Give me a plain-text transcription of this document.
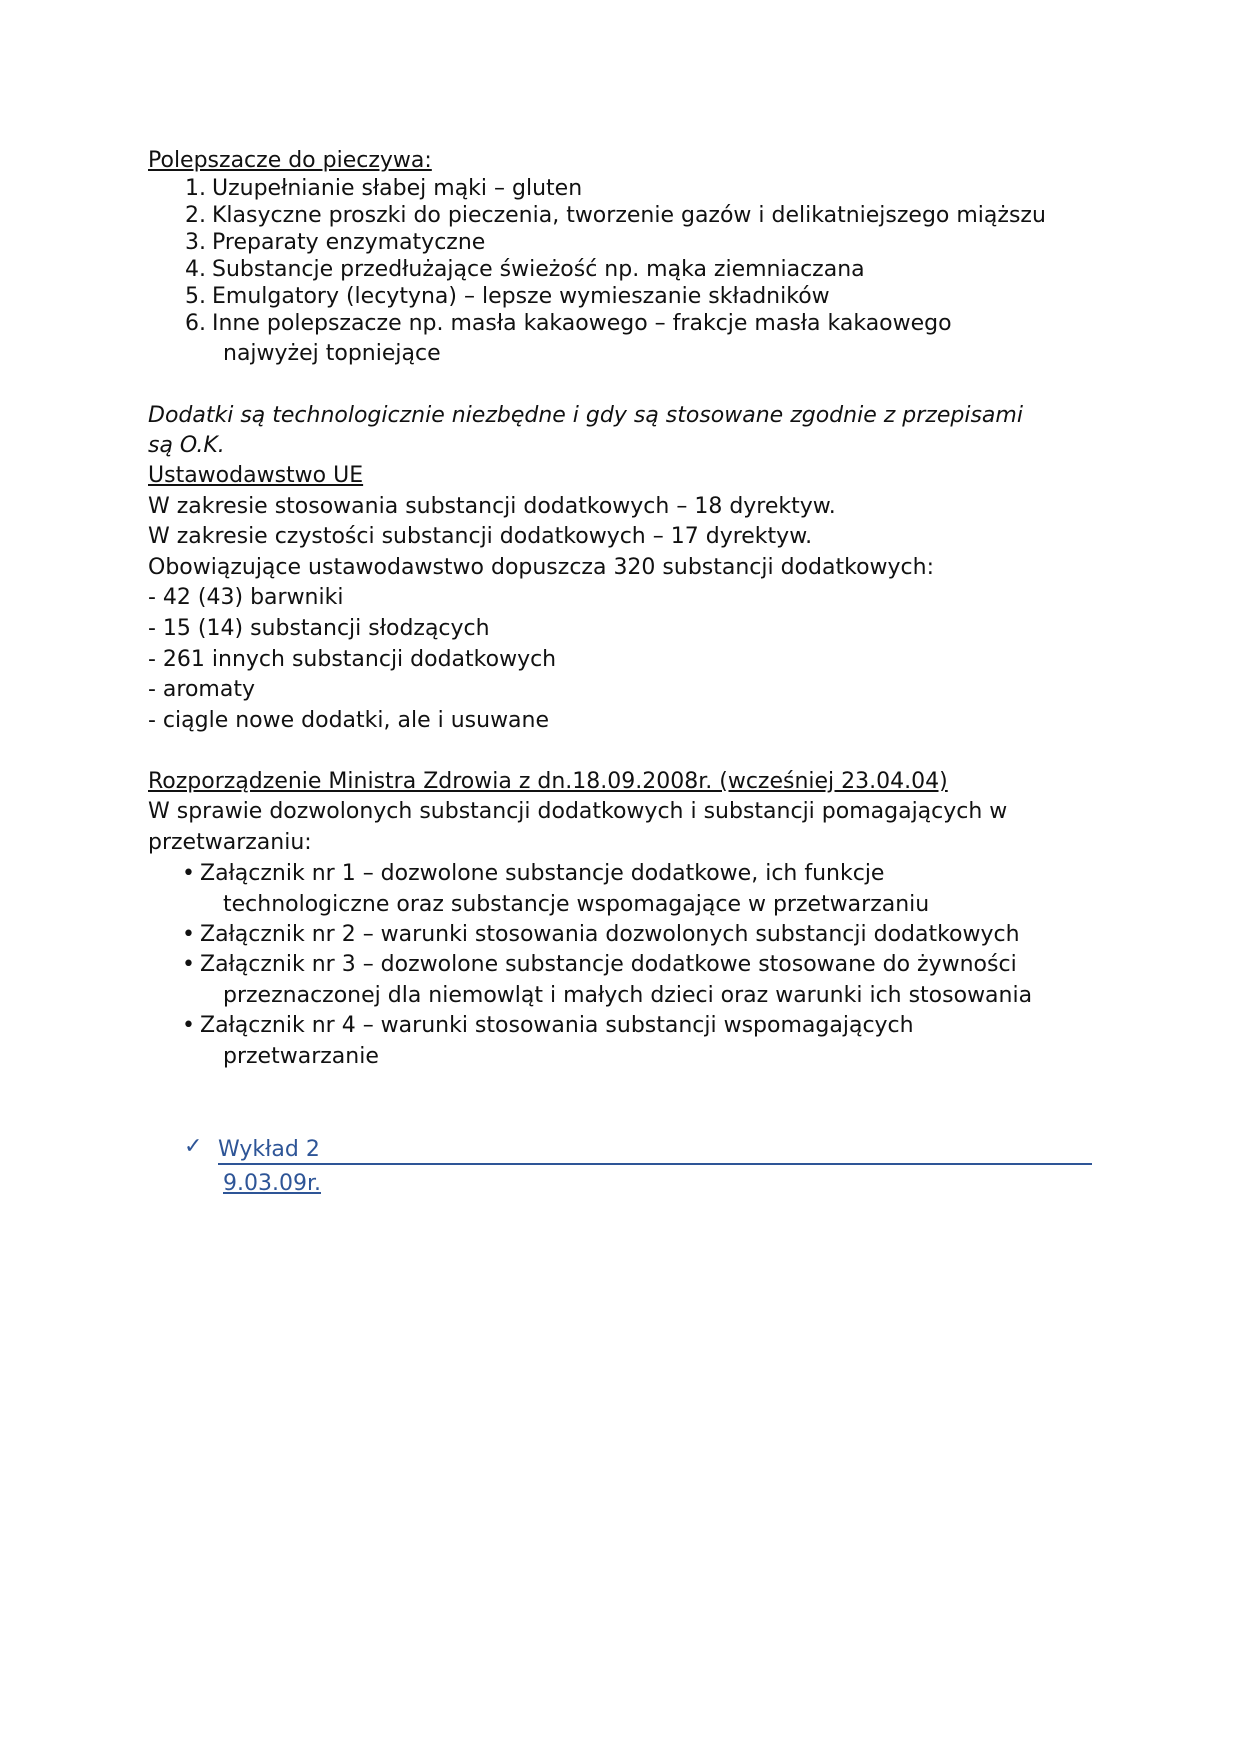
Polepszacze do pieczywa:
1. Uzupełnianie słabej mąki – gluten
2. Klasyczne proszki do pieczenia, tworzenie gazów i delikatniejszego miąższu
3. Preparaty enzymatyczne
4. Substancje przedłużające świeżość np. mąka ziemniaczana
5. Emulgatory (lecytyna) – lepsze wymieszanie składników
6. Inne polepszacze np. masła kakaowego – frakcje masła kakaowego
najwyżej topniejące
Dodatki są technologicznie niezbędne i gdy są stosowane zgodnie z przepisami
są O.K.
Ustawodawstwo UE
W zakresie stosowania substancji dodatkowych – 18 dyrektyw.
W zakresie czystości substancji dodatkowych – 17 dyrektyw.
Obowiązujące ustawodawstwo dopuszcza 320 substancji dodatkowych:
- 42 (43) barwniki
- 15 (14) substancji słodzących
- 261 innych substancji dodatkowych
- aromaty
- ciągle nowe dodatki, ale i usuwane
Rozporządzenie Ministra Zdrowia z dn.18.09.2008r. (wcześniej 23.04.04)
W sprawie dozwolonych substancji dodatkowych i substancji pomagających w
przetwarzaniu:
• Załącznik nr 1 – dozwolone substancje dodatkowe, ich funkcje
technologiczne oraz substancje wspomagające w przetwarzaniu
• Załącznik nr 2 – warunki stosowania dozwolonych substancji dodatkowych
• Załącznik nr 3 – dozwolone substancje dodatkowe stosowane do żywności
przeznaczonej dla niemowląt i małych dzieci oraz warunki ich stosowania
• Załącznik nr 4 – warunki stosowania substancji wspomagających
przetwarzanie
✓ Wykład 2
9.03.09r.
